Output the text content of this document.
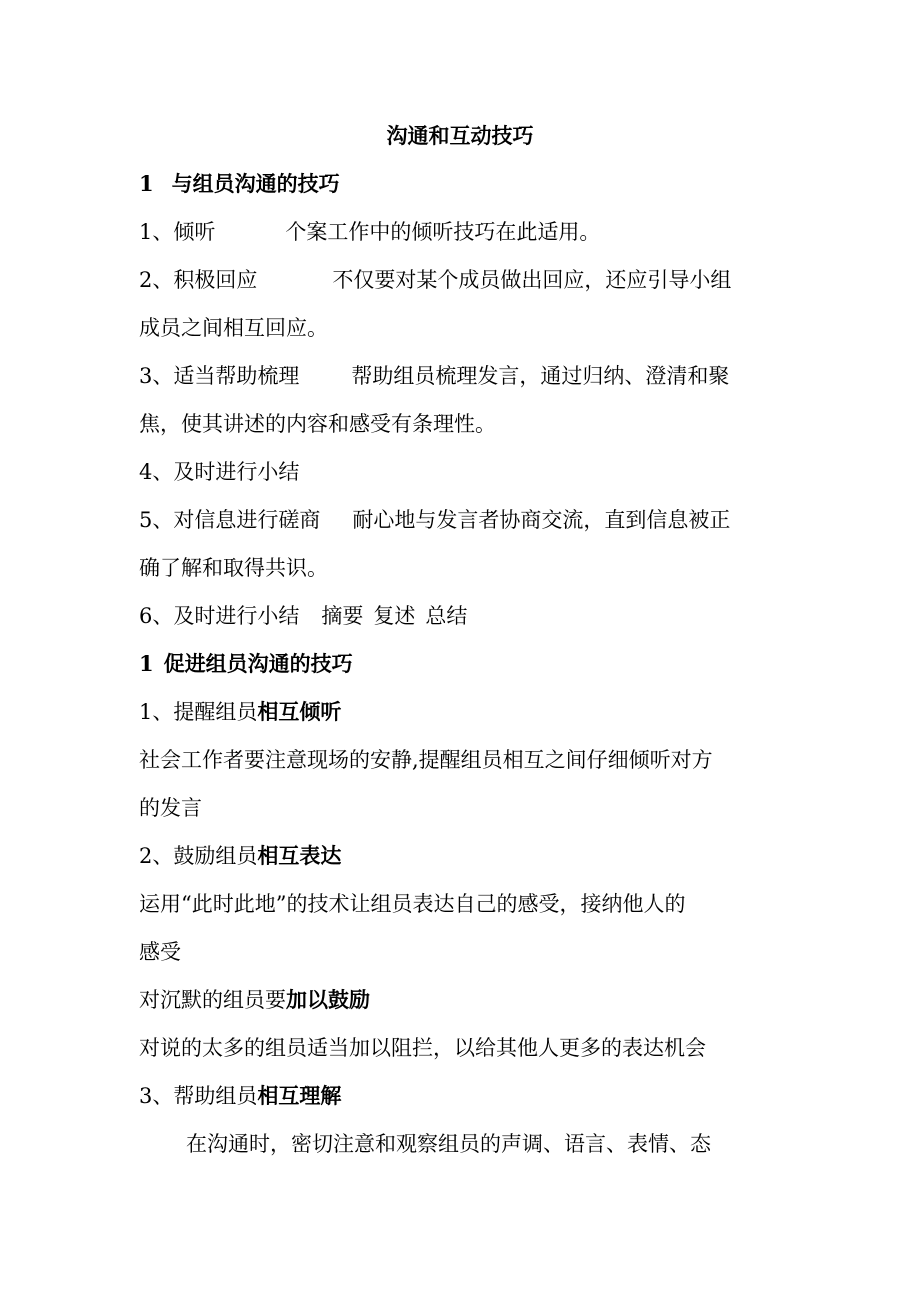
沟通和互动技巧
1 与组员沟通的技巧
1、倾听	个案工作中的倾听技巧在此适用。
2、积极回应	不仅要对某个成员做出回应，还应引导小组
成员之间相互回应。
3、适当帮助梳理 帮助组员梳理发言，通过归纳、澄清和聚
焦，使其讲述的内容和感受有条理性。
4、及时进行小结
5、对信息进行磋商 耐心地与发言者协商交流，直到信息被正
确了解和取得共识。
6、及时进行小结 摘要 复述 总结
1 促进组员沟通的技巧
1、提醒组员相互倾听
社会工作者要注意现场的安静,提醒组员相互之间仔细倾听对方
的发言
2、鼓励组员相互表达
运用“此时此地”的技术让组员表达自己的感受，接纳他人的
感受
对沉默的组员要加以鼓励
对说的太多的组员适当加以阻拦，以给其他人更多的表达机会
3、帮助组员相互理解
在沟通时，密切注意和观察组员的声调、语言、表情、态
